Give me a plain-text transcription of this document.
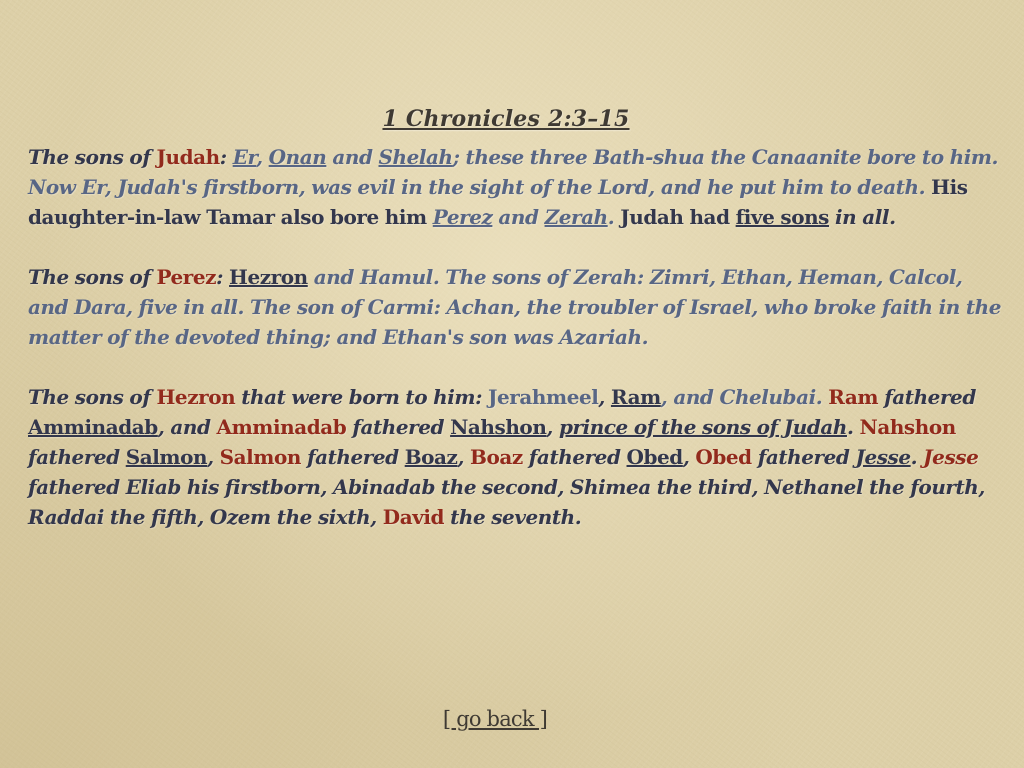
1 Chronicles 2:3–15

The sons of Judah: Er, Onan and Shelah; these three Bath-shua the Canaanite bore to him. Now Er, Judah's firstborn, was evil in the sight of the Lord, and he put him to death. His daughter-in-law Tamar also bore him Perez and Zerah. Judah had five sons in all.

The sons of Perez: Hezron and Hamul. The sons of Zerah: Zimri, Ethan, Heman, Calcol, and Dara, five in all. The son of Carmi: Achan, the troubler of Israel, who broke faith in the matter of the devoted thing; and Ethan's son was Azariah.

The sons of Hezron that were born to him: Jerahmeel, Ram, and Chelubai. Ram fathered Amminadab, and Amminadab fathered Nahshon, prince of the sons of Judah. Nahshon fathered Salmon, Salmon fathered Boaz, Boaz fathered Obed, Obed fathered Jesse. Jesse fathered Eliab his firstborn, Abinadab the second, Shimea the third, Nethanel the fourth, Raddai the fifth, Ozem the sixth, David the seventh.

[ go back ]
